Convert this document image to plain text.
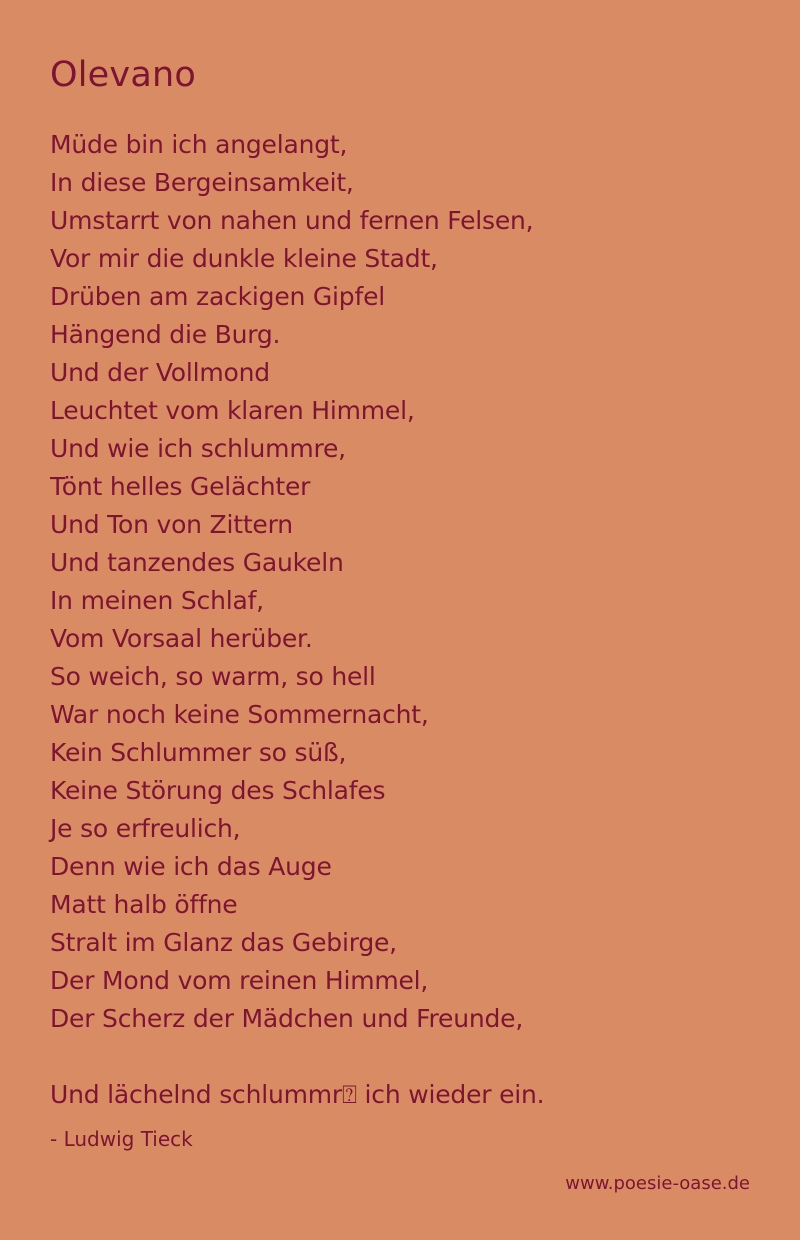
Olevano
Müde bin ich angelangt,
In diese Bergeinsamkeit,
Umstarrt von nahen und fernen Felsen,
Vor mir die dunkle kleine Stadt,
Drüben am zackigen Gipfel
Hängend die Burg.
Und der Vollmond
Leuchtet vom klaren Himmel,
Und wie ich schlummre,
Tönt helles Gelächter
Und Ton von Zittern
Und tanzendes Gaukeln
In meinen Schlaf,
Vom Vorsaal herüber.
So weich, so warm, so hell
War noch keine Sommernacht,
Kein Schlummer so süß,
Keine Störung des Schlafes
Je so erfreulich,
Denn wie ich das Auge
Matt halb öffne
Stralt im Glanz das Gebirge,
Der Mond vom reinen Himmel,
Der Scherz der Mädchen und Freunde,
Und lächelnd schlummr⍰ ich wieder ein.

- Ludwig Tieck

www.poesie-oase.de
